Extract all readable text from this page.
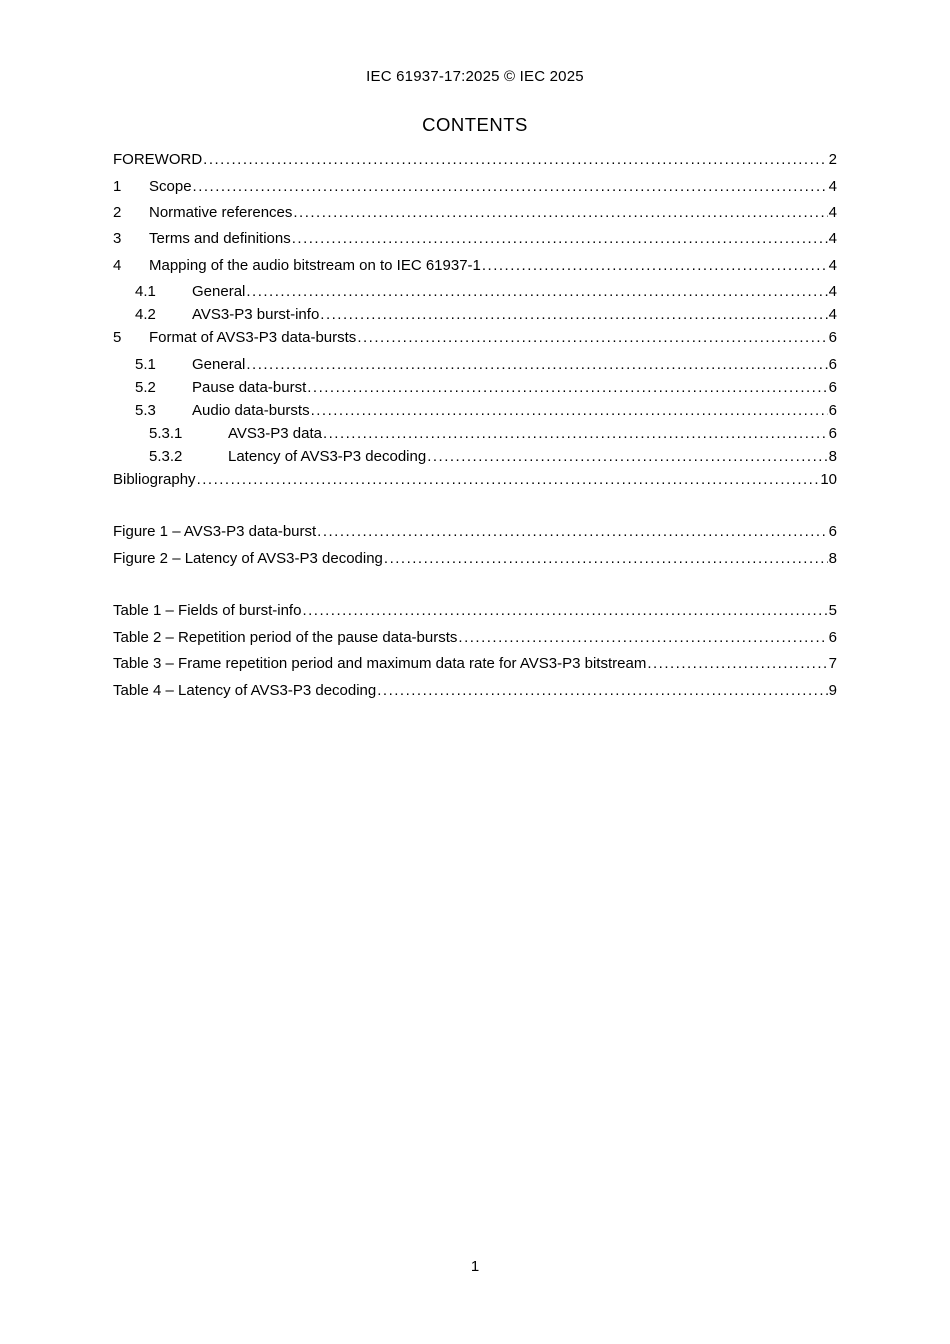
IEC 61937-17:2025 © IEC 2025
CONTENTS
FOREWORD .....	2
1	Scope .....	4
2	Normative references .....	4
3	Terms and definitions .....	4
4	Mapping of the audio bitstream on to IEC 61937-1 .....	4
4.1	General .....	4
4.2	AVS3-P3 burst-info .....	4
5	Format of AVS3-P3 data-bursts .....	6
5.1	General .....	6
5.2	Pause data-burst .....	6
5.3	Audio data-bursts .....	6
5.3.1	AVS3-P3 data .....	6
5.3.2	Latency of AVS3-P3 decoding .....	8
Bibliography .....	10
Figure 1 – AVS3-P3 data-burst .....	6
Figure 2 – Latency of AVS3-P3 decoding .....	8
Table 1 – Fields of burst-info .....	5
Table 2 – Repetition period of the pause data-bursts .....	6
Table 3 – Frame repetition period and maximum data rate for AVS3-P3 bitstream .....	7
Table 4 – Latency of AVS3-P3 decoding .....	9
1
